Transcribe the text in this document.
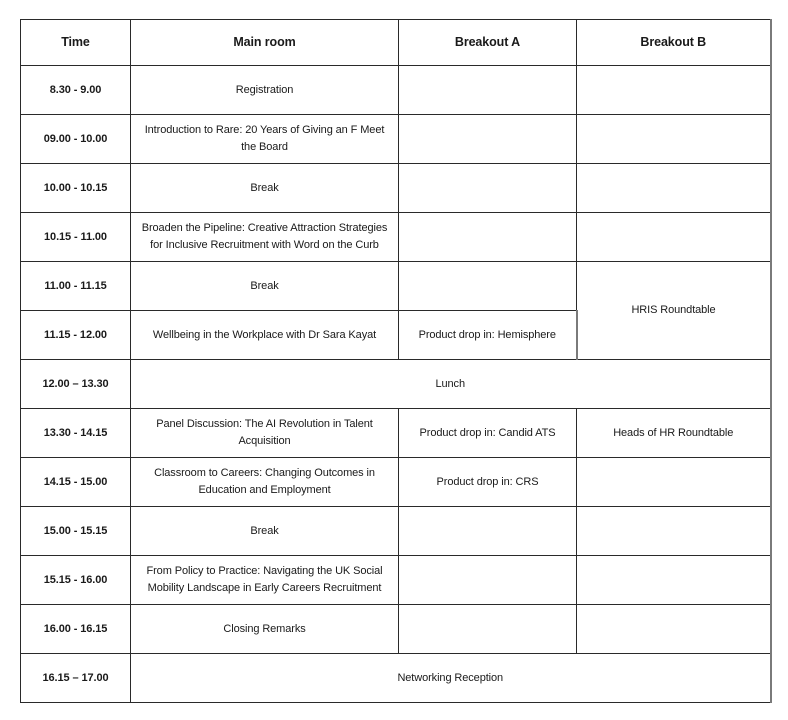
Time	Main room	Breakout A	Breakout B
8.30 - 9.00	Registration		
09.00 - 10.00	Introduction to Rare: 20 Years of Giving an F Meet the Board		
10.00 - 10.15	Break		
10.15 - 11.00	Broaden the Pipeline: Creative Attraction Strategies for Inclusive Recruitment with Word on the Curb		
11.00 - 11.15	Break		HRIS Roundtable
11.15 - 12.00	Wellbeing in the Workplace with Dr Sara Kayat	Product drop in: Hemisphere	
12.00 – 13.30	Lunch		
13.30 - 14.15	Panel Discussion: The AI Revolution in Talent Acquisition	Product drop in: Candid ATS	Heads of HR Roundtable
14.15 - 15.00	Classroom to Careers: Changing Outcomes in Education and Employment	Product drop in: CRS	
15.00 - 15.15	Break		
15.15 - 16.00	From Policy to Practice: Navigating the UK Social Mobility Landscape in Early Careers Recruitment		
16.00 - 16.15	Closing Remarks		
16.15 – 17.00	Networking Reception		
